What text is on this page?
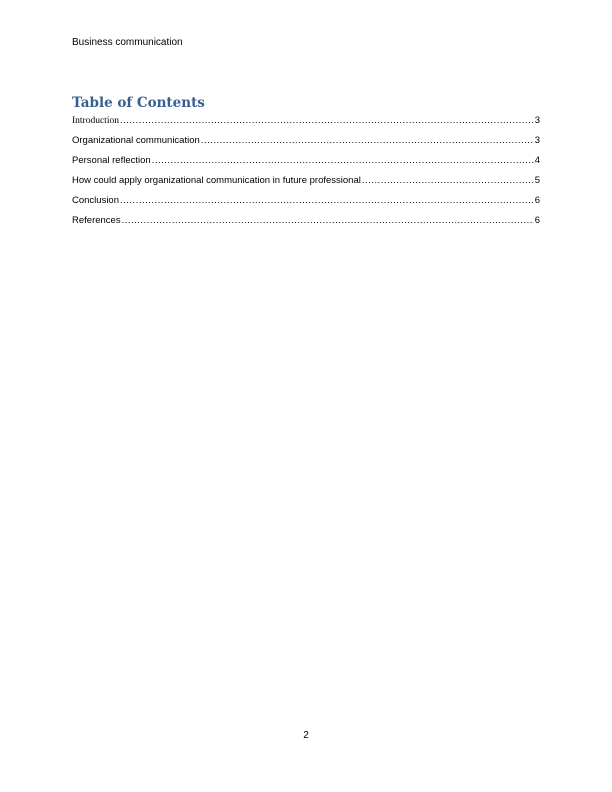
Business communication
Table of Contents
Introduction .....	3
Organizational communication .....	3
Personal reflection .....	4
How could apply organizational communication in future professional .....	5
Conclusion .....	6
References .....	6
2
